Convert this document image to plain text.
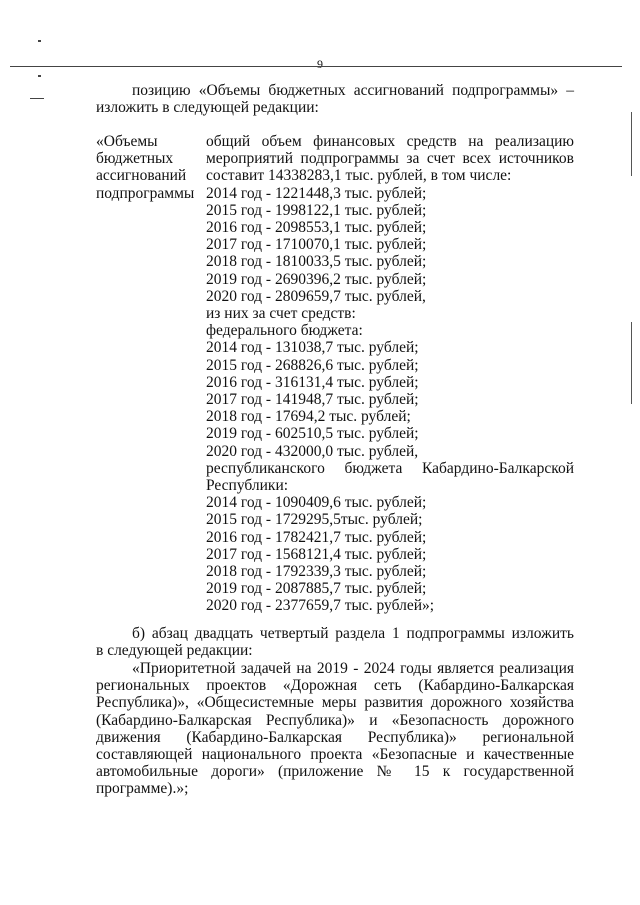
9
позицию «Объемы бюджетных ассигнований подпрограммы» –
изложить в следующей редакции:
«Объемы
бюджетных
ассигнований
подпрограммы
общий объем финансовых средств на реализацию
мероприятий подпрограммы за счет всех источников
составит 14338283,1 тыс. рублей, в том числе:
2014 год - 1221448,3 тыс. рублей;
2015 год - 1998122,1 тыс. рублей;
2016 год - 2098553,1 тыс. рублей;
2017 год - 1710070,1 тыс. рублей;
2018 год - 1810033,5 тыс. рублей;
2019 год - 2690396,2 тыс. рублей;
2020 год - 2809659,7 тыс. рублей,
из них за счет средств:
федерального бюджета:
2014 год - 131038,7 тыс. рублей;
2015 год - 268826,6 тыс. рублей;
2016 год - 316131,4 тыс. рублей;
2017 год - 141948,7 тыс. рублей;
2018 год - 17694,2 тыс. рублей;
2019 год - 602510,5 тыс. рублей;
2020 год - 432000,0 тыс. рублей,
республиканского бюджета Кабардино-Балкарской
Республики:
2014 год - 1090409,6 тыс. рублей;
2015 год - 1729295,5тыс. рублей;
2016 год - 1782421,7 тыс. рублей;
2017 год - 1568121,4 тыс. рублей;
2018 год - 1792339,3 тыс. рублей;
2019 год - 2087885,7 тыс. рублей;
2020 год - 2377659,7 тыс. рублей»;
б) абзац двадцать четвертый раздела 1 подпрограммы изложить
в следующей редакции:
«Приоритетной задачей на 2019 - 2024 годы является реализация
региональных проектов «Дорожная сеть (Кабардино-Балкарская
Республика)», «Общесистемные меры развития дорожного хозяйства
(Кабардино-Балкарская Республика)» и «Безопасность дорожного
движения (Кабардино-Балкарская Республика)» региональной
составляющей национального проекта «Безопасные и качественные
автомобильные дороги» (приложение № 15 к государственной
программе).»;
